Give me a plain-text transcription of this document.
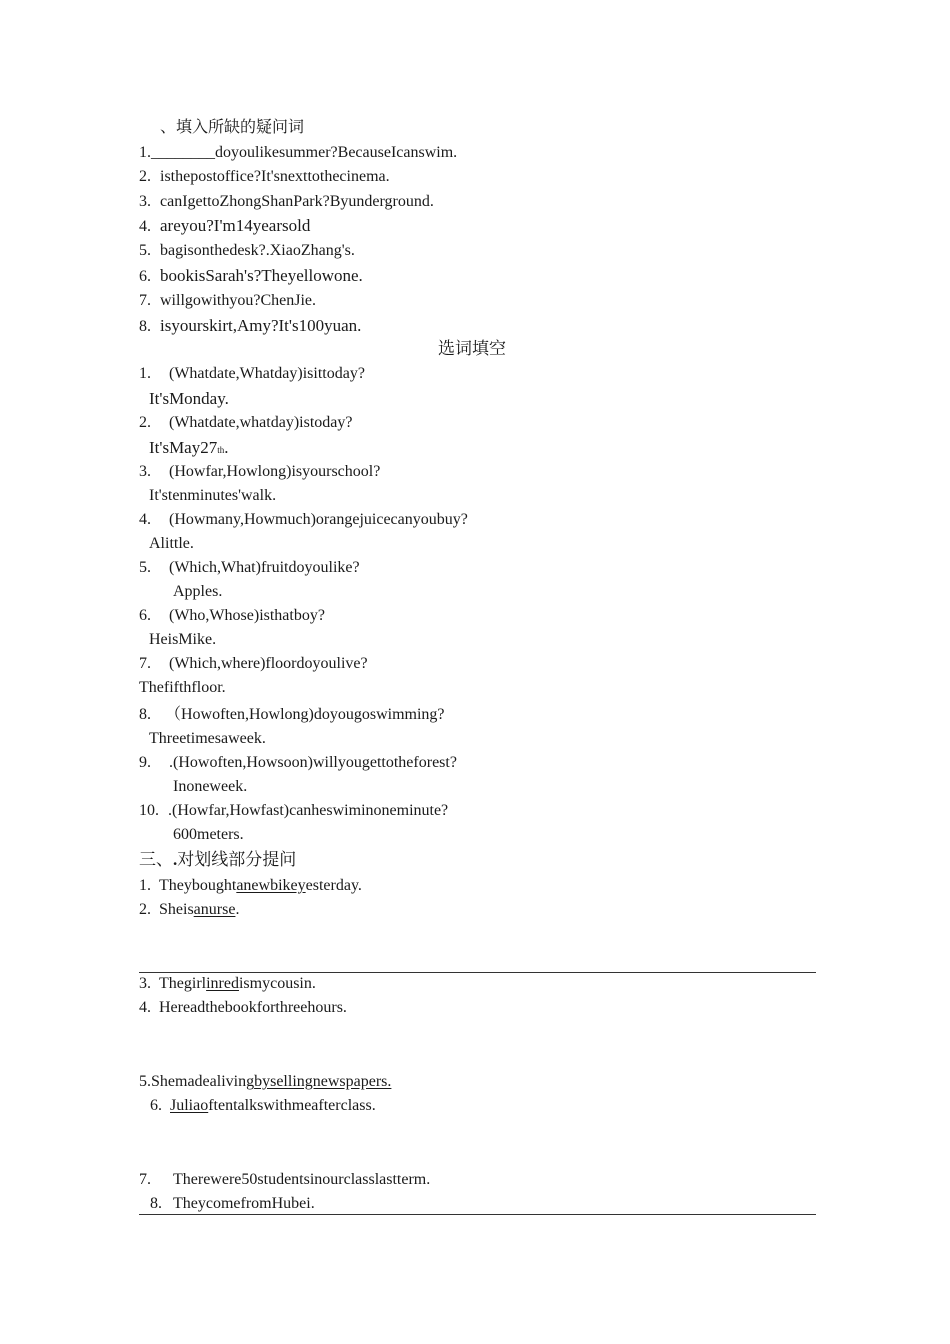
、填入所缺的疑问词
1.________doyoulikesummer?BecauseIcanswim.
2. isthepostoffice?It'snexttothecinema.
3. canIgettoZhongShanPark?Byunderground.
4. areyou?I'm14yearsold
5. bagisonthedesk?.XiaoZhang's.
6. bookisSarah's?Theyellowone.
7. willgowithyou?ChenJie.
8. isyourskirt,Amy?It's100yuan.
选词填空
1. (Whatdate,Whatday)isittoday?
It'sMonday.
2. (Whatdate,whatday)istoday?
It'sMay27th.
3. (Howfar,Howlong)isyourschool?
It'stenminutes'walk.
4. (Howmany,Howmuch)orangejuicecanyoubuy?
Alittle.
5. (Which,What)fruitdoyoulike?
Apples.
6. (Who,Whose)isthatboy?
HeisMike.
7. (Which,where)floordoyoulive?
Thefifthfloor.
8. （Howoften,Howlong)doyougoswimming?
Threetimesaweek.
9. .(Howoften,Howsoon)willyougettotheforest?
Inoneweek.
10. .(Howfar,Howfast)canheswiminoneminute?
600meters.
三、.对划线部分提问
1. Theyboughtanewbikeyesterday.
2. Sheisanurse.
3. Thegirlinredismycousin.
4. Hereadthebookforthreehours.
5.Shemadealivingbysellingnewspapers.
6. Juliaoftentalkswithmeafterclass.
7. Therewere50studentsinourclasslastterm.
8. TheycomefromHubei.
